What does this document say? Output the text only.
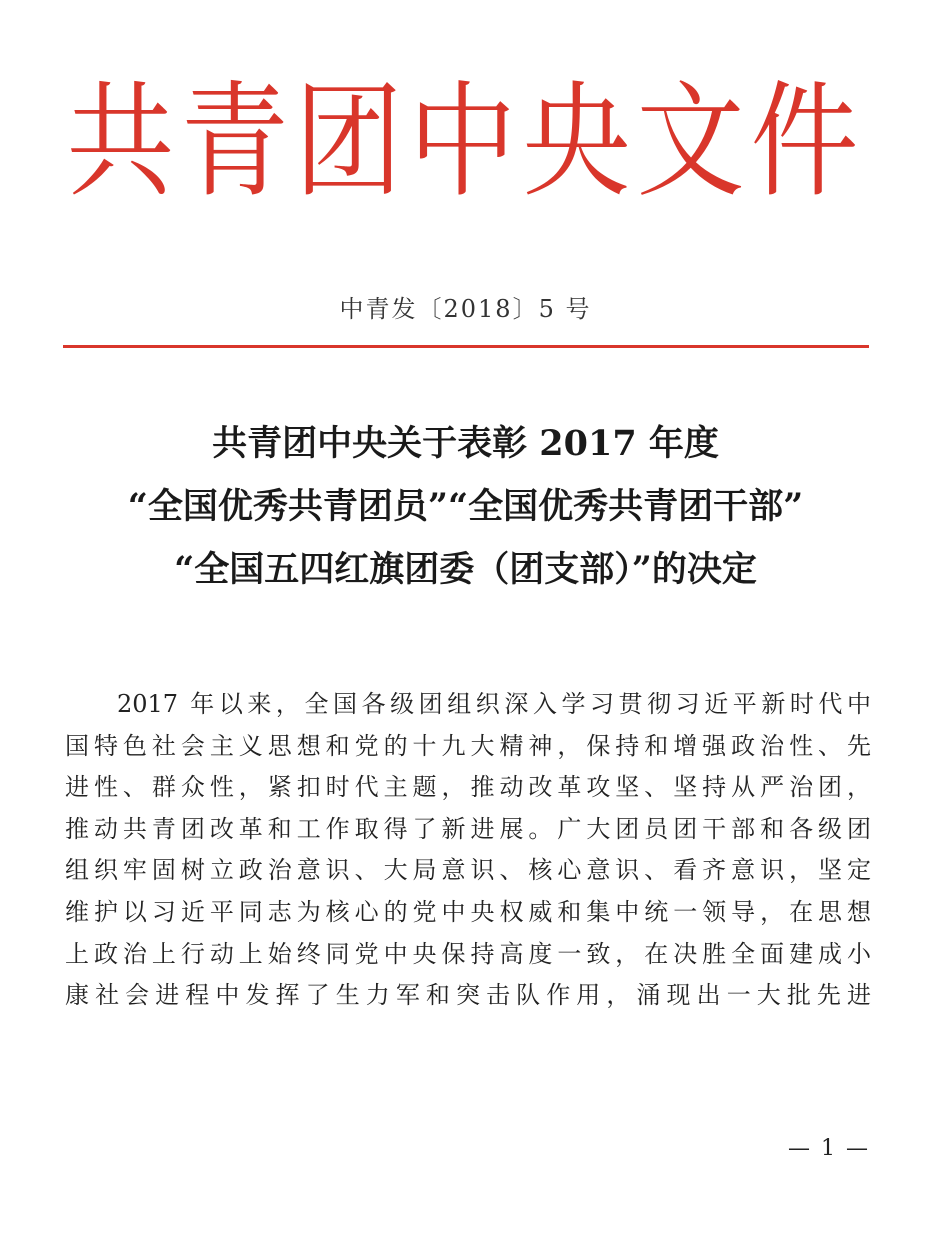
共青团中央文件
中青发〔2018〕5 号
共青团中央关于表彰 2017 年度
“全国优秀共青团员”“全国优秀共青团干部”
“全国五四红旗团委（团支部）”的决定
2017 年以来，全国各级团组织深入学习贯彻习近平新时代中
国特色社会主义思想和党的十九大精神，保持和增强政治性、先
进性、群众性，紧扣时代主题，推动改革攻坚、坚持从严治团，
推动共青团改革和工作取得了新进展。广大团员团干部和各级团
组织牢固树立政治意识、大局意识、核心意识、看齐意识，坚定
维护以习近平同志为核心的党中央权威和集中统一领导，在思想
上政治上行动上始终同党中央保持高度一致，在决胜全面建成小
康社会进程中发挥了生力军和突击队作用，涌现出一大批先进
— 1 —
